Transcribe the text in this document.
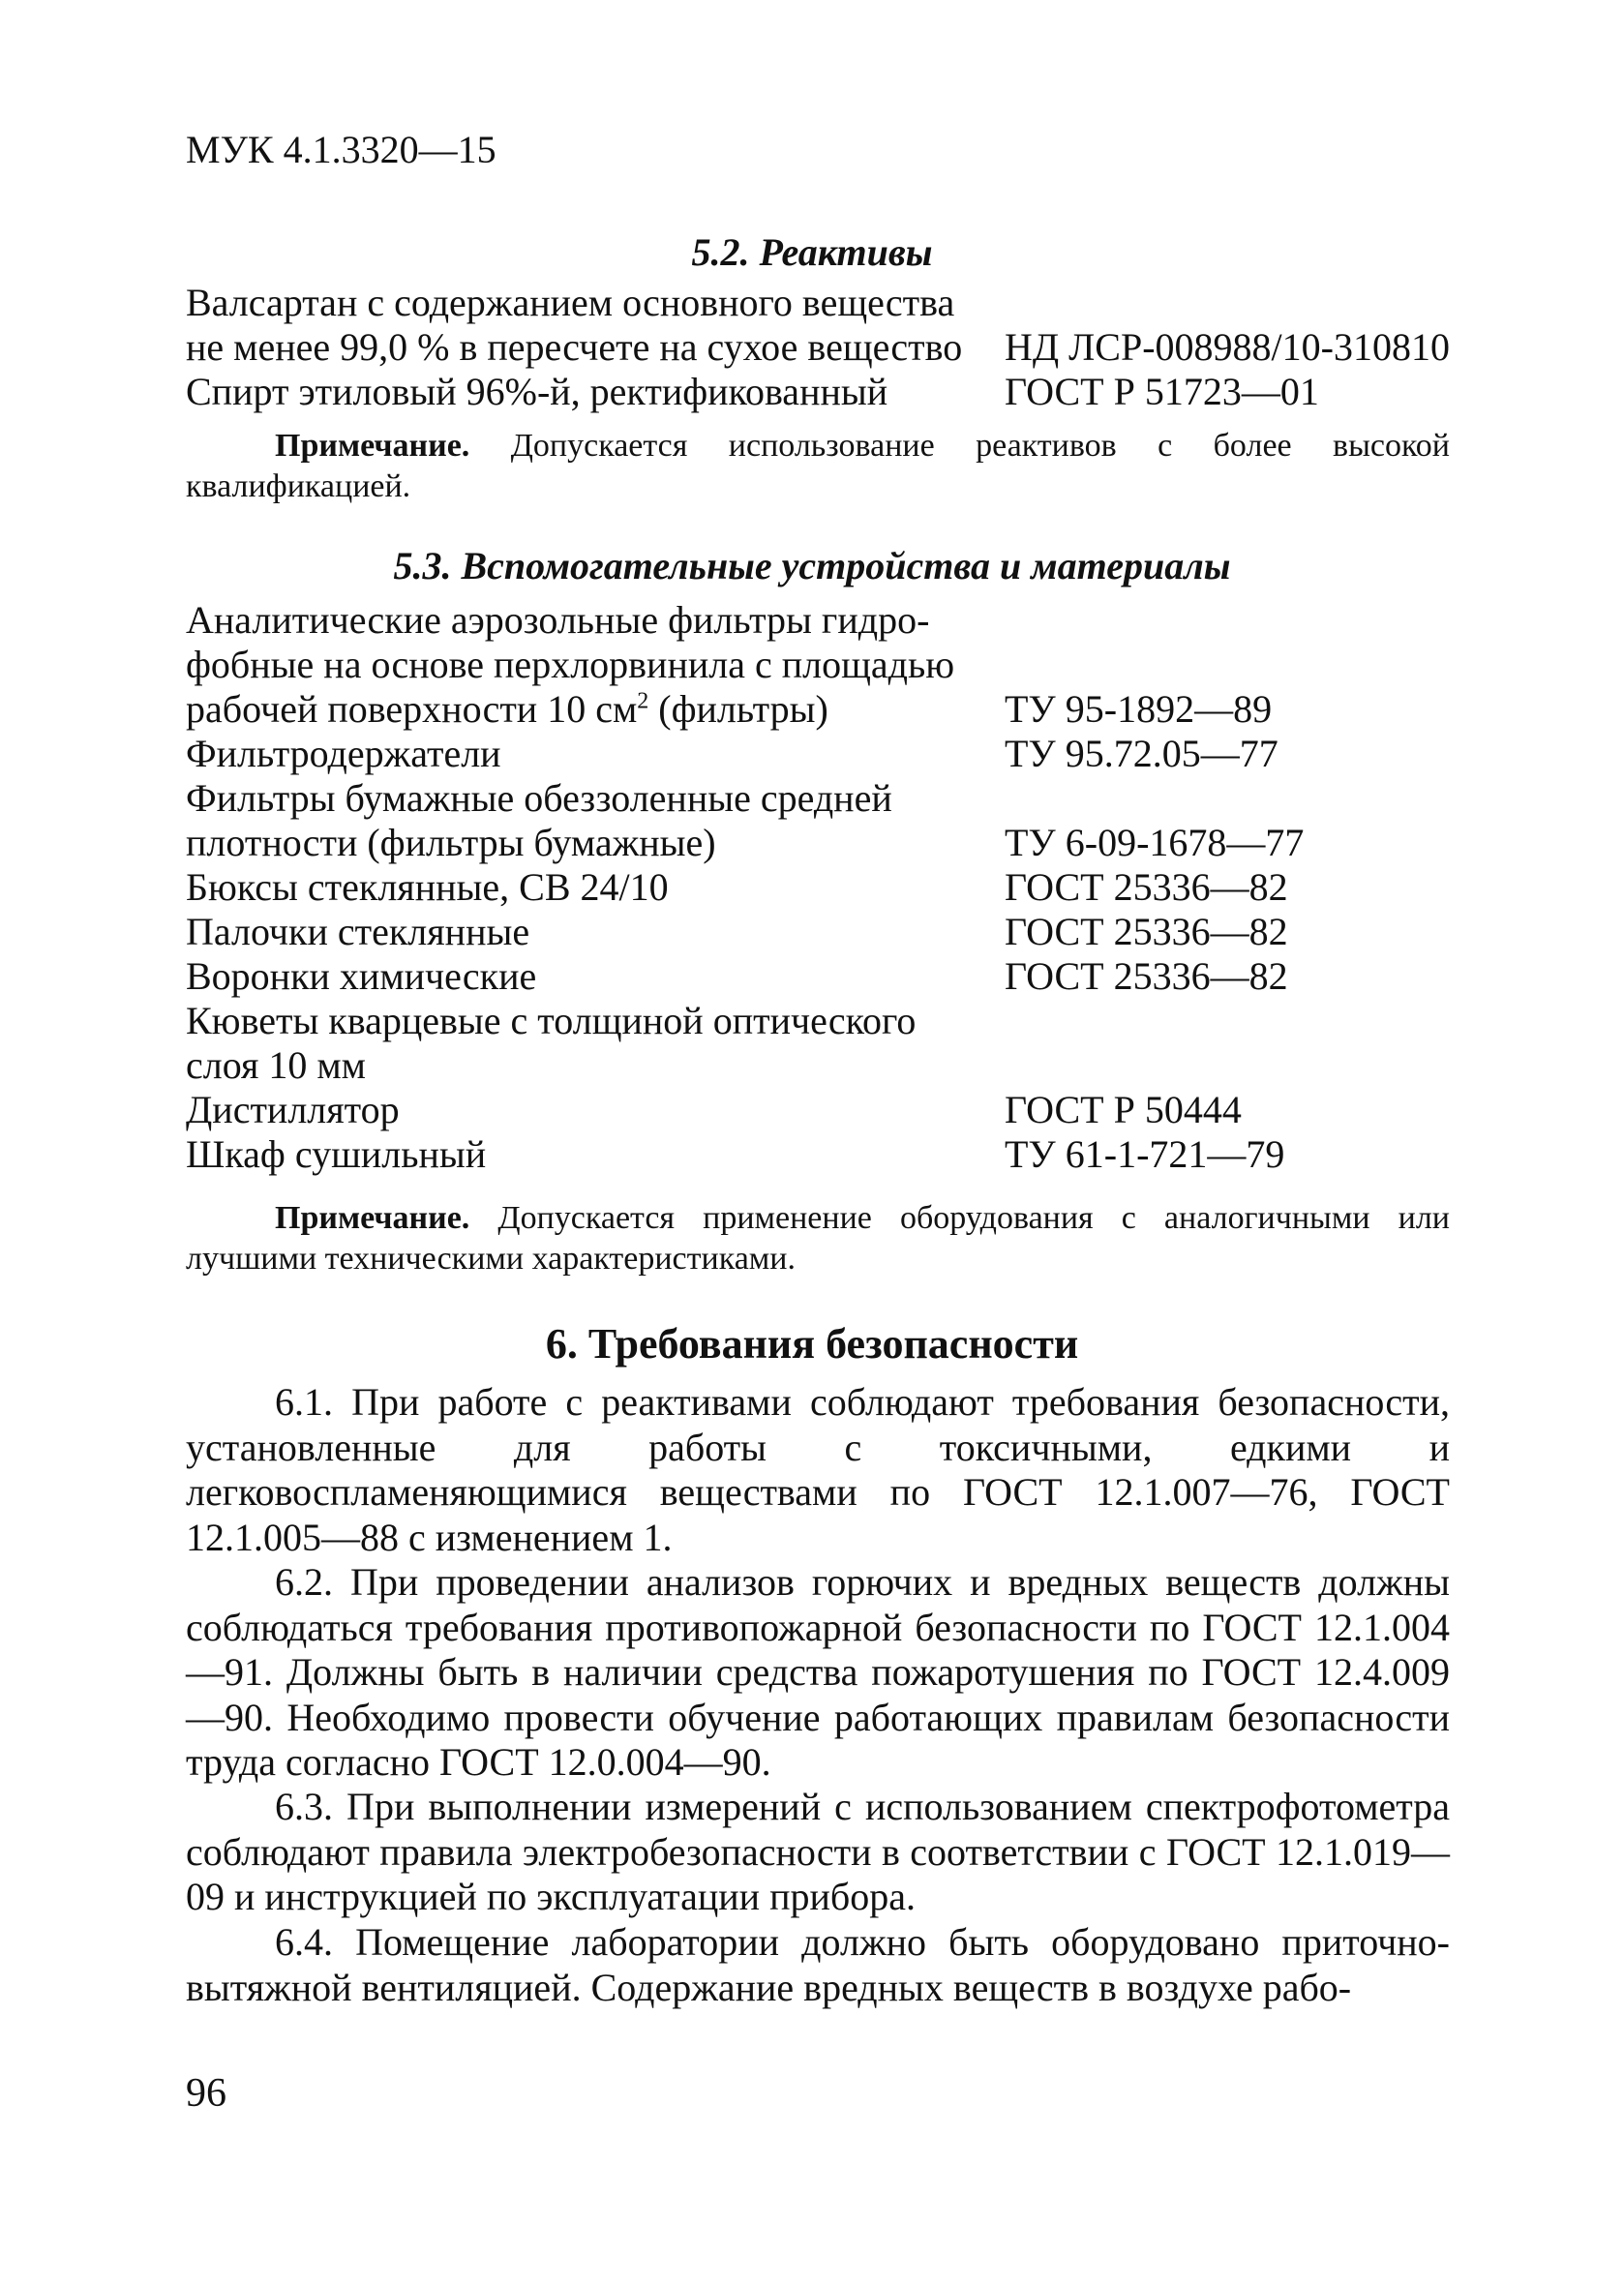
МУК 4.1.3320—15
5.2. Реактивы
Валсартан с содержанием основного вещества
не менее 99,0 % в пересчете на сухое вещество НД ЛСР-008988/10-310810
Спирт этиловый 96%-й, ректификованный	ГОСТ Р 51723—01
Примечание. Допускается использование реактивов с более высокой квалификацией.
5.3. Вспомогательные устройства и материалы
Аналитические аэрозольные фильтры гидро-
фобные на основе перхлорвинила с площадью
рабочей поверхности 10 $см^2$ (фильтры)	ТУ 95-1892—89
Фильтродержатели	ТУ 95.72.05—77
Фильтры бумажные обеззоленные средней
плотности (фильтры бумажные)	ТУ 6-09-1678—77
Бюксы стеклянные, СВ 24/10	ГОСТ 25336—82
Палочки стеклянные	ГОСТ 25336—82
Воронки химические	ГОСТ 25336—82
Кюветы кварцевые с толщиной оптического
слоя 10 мм
Дистиллятор	ГОСТ Р 50444
Шкаф сушильный	ТУ 61-1-721—79
Примечание. Допускается применение оборудования с аналогичными или лучшими техническими характеристиками.
6. Требования безопасности
6.1. При работе с реактивами соблюдают требования безопасности, установленные для работы с токсичными, едкими и легковоспламеняющимися веществами по ГОСТ 12.1.007—76, ГОСТ 12.1.005—88 с изменением 1.
6.2. При проведении анализов горючих и вредных веществ должны соблюдаться требования противопожарной безопасности по ГОСТ 12.1.004—91. Должны быть в наличии средства пожаротушения по ГОСТ 12.4.009—90. Необходимо провести обучение работающих правилам безопасности труда согласно ГОСТ 12.0.004—90.
6.3. При выполнении измерений с использованием спектрофотометра соблюдают правила электробезопасности в соответствии с ГОСТ 12.1.019—09 и инструкцией по эксплуатации прибора.
6.4. Помещение лаборатории должно быть оборудовано приточно-вытяжной вентиляцией. Содержание вредных веществ в воздухе рабо-
96
